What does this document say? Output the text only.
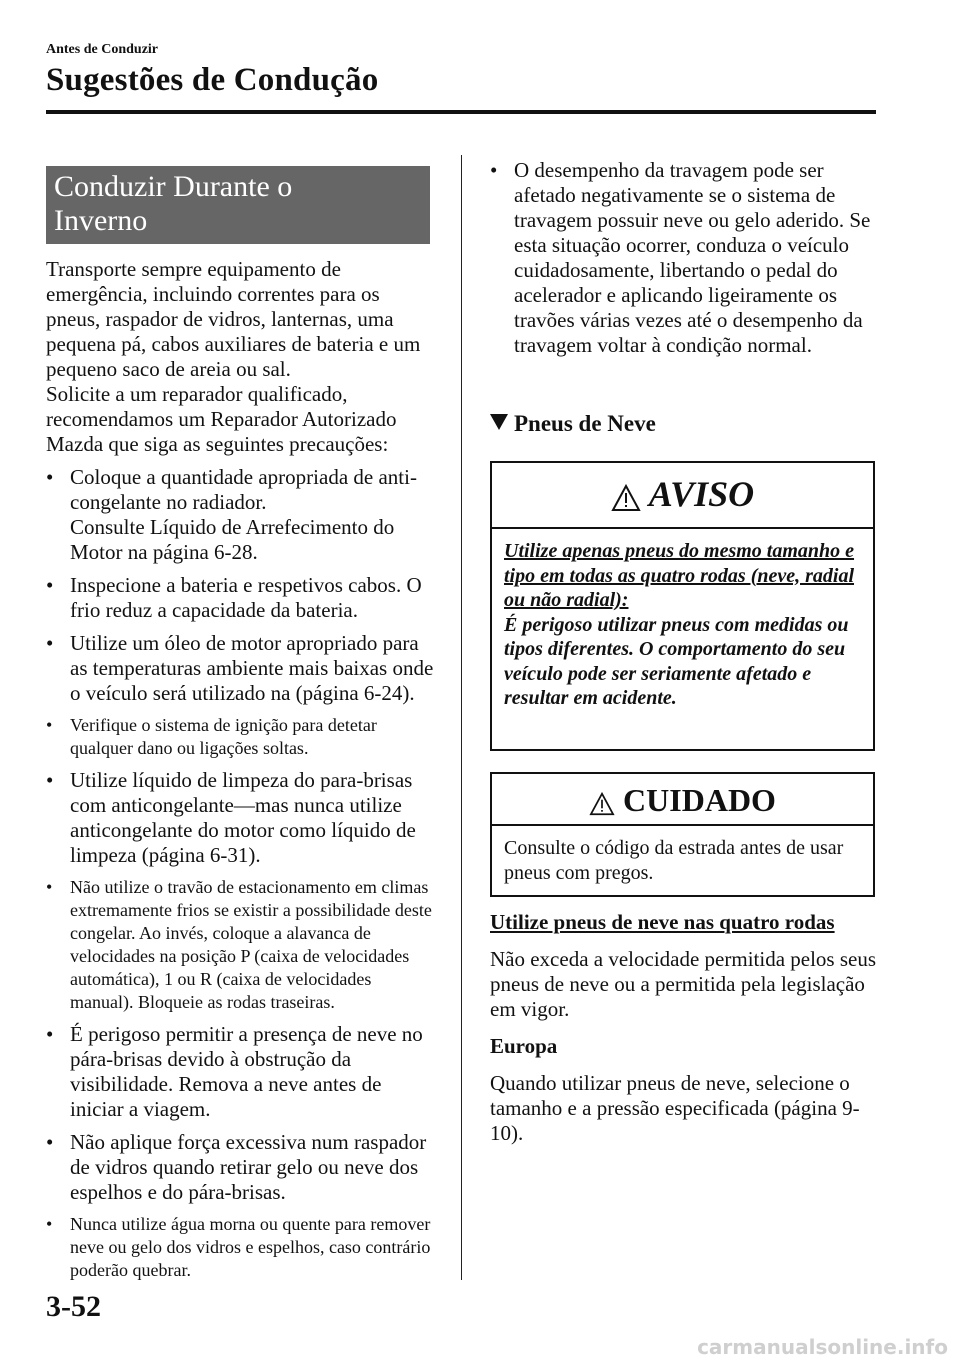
Antes de Conduzir
Sugestões de Condução
Conduzir Durante o
Inverno

Transporte sempre equipamento de emergência, incluindo correntes para os pneus, raspador de vidros, lanternas, uma pequena pá, cabos auxiliares de bateria e um pequeno saco de areia ou sal.

Solicite a um reparador qualificado, recomendamos um Reparador Autorizado Mazda que siga as seguintes precauções:

• Coloque a quantidade apropriada de anti-congelante no radiador.
Consulte Líquido de Arrefecimento do Motor na página 6-28.
• Inspecione a bateria e respetivos cabos. O frio reduz a capacidade da bateria.
• Utilize um óleo de motor apropriado para as temperaturas ambiente mais baixas onde o veículo será utilizado na (página 6-24).
• Verifique o sistema de ignição para detetar qualquer dano ou ligações soltas.
• Utilize líquido de limpeza do para-brisas com anticongelante—mas nunca utilize anticongelante do motor como líquido de limpeza (página 6-31).
• Não utilize o travão de estacionamento em climas extremamente frios se existir a possibilidade deste congelar. Ao invés, coloque a alavanca de velocidades na posição P (caixa de velocidades automática), 1 ou R (caixa de velocidades manual). Bloqueie as rodas traseiras.
• É perigoso permitir a presença de neve no pára-brisas devido à obstrução da visibilidade. Remova a neve antes de iniciar a viagem.
• Não aplique força excessiva num raspador de vidros quando retirar gelo ou neve dos espelhos e do pára-brisas.
• Nunca utilize água morna ou quente para remover neve ou gelo dos vidros e espelhos, caso contrário poderão quebrar.
• O desempenho da travagem pode ser afetado negativamente se o sistema de travagem possuir neve ou gelo aderido. Se esta situação ocorrer, conduza o veículo cuidadosamente, libertando o pedal do acelerador e aplicando ligeiramente os travões várias vezes até o desempenho da travagem voltar à condição normal.
Pneus de Neve
AVISO
Utilize apenas pneus do mesmo tamanho e tipo em todas as quatro rodas (neve, radial ou não radial):
É perigoso utilizar pneus com medidas ou tipos diferentes. O comportamento do seu veículo pode ser seriamente afetado e resultar em acidente.
CUIDADO
Consulte o código da estrada antes de usar pneus com pregos.

Utilize pneus de neve nas quatro rodas

Não exceda a velocidade permitida pelos seus pneus de neve ou a permitida pela legislação em vigor.

Europa

Quando utilizar pneus de neve, selecione o tamanho e a pressão especificada (página 9-10).

3-52
carmanualsonline.info
